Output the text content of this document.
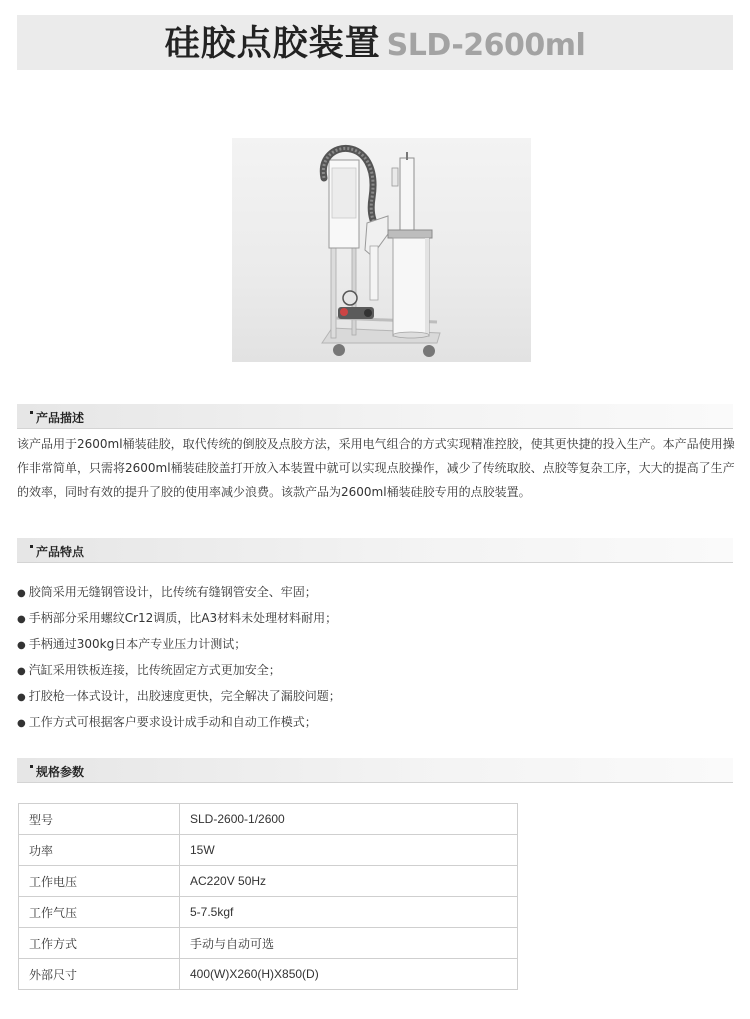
硅胶点胶装置 SLD-2600ml
产品描述
该产品用于2600ml桶装硅胶，取代传统的倒胶及点胶方法，采用电气组合的方式实现精准控胶，使其更快捷的投入生产。本产品使用操作非常简单，只需将2600ml桶装硅胶盖打开放入本装置中就可以实现点胶操作，减少了传统取胶、点胶等复杂工序，大大的提高了生产的效率，同时有效的提升了胶的使用率减少浪费。该款产品为2600ml桶装硅胶专用的点胶装置。
产品特点
● 胶筒采用无缝钢管设计，比传统有缝钢管安全、牢固；
● 手柄部分采用螺纹Cr12调质，比A3材料未处理材料耐用；
● 手柄通过300kg日本产专业压力计测试；
● 汽缸采用铁板连接，比传统固定方式更加安全；
● 打胶枪一体式设计，出胶速度更快，完全解决了漏胶问题；
● 工作方式可根据客户要求设计成手动和自动工作模式；
规格参数
型号	SLD-2600-1/2600
功率	15W
工作电压	AC220V 50Hz
工作气压	5-7.5kgf
工作方式	手动与自动可选
外部尺寸	400(W)X260(H)X850(D)
